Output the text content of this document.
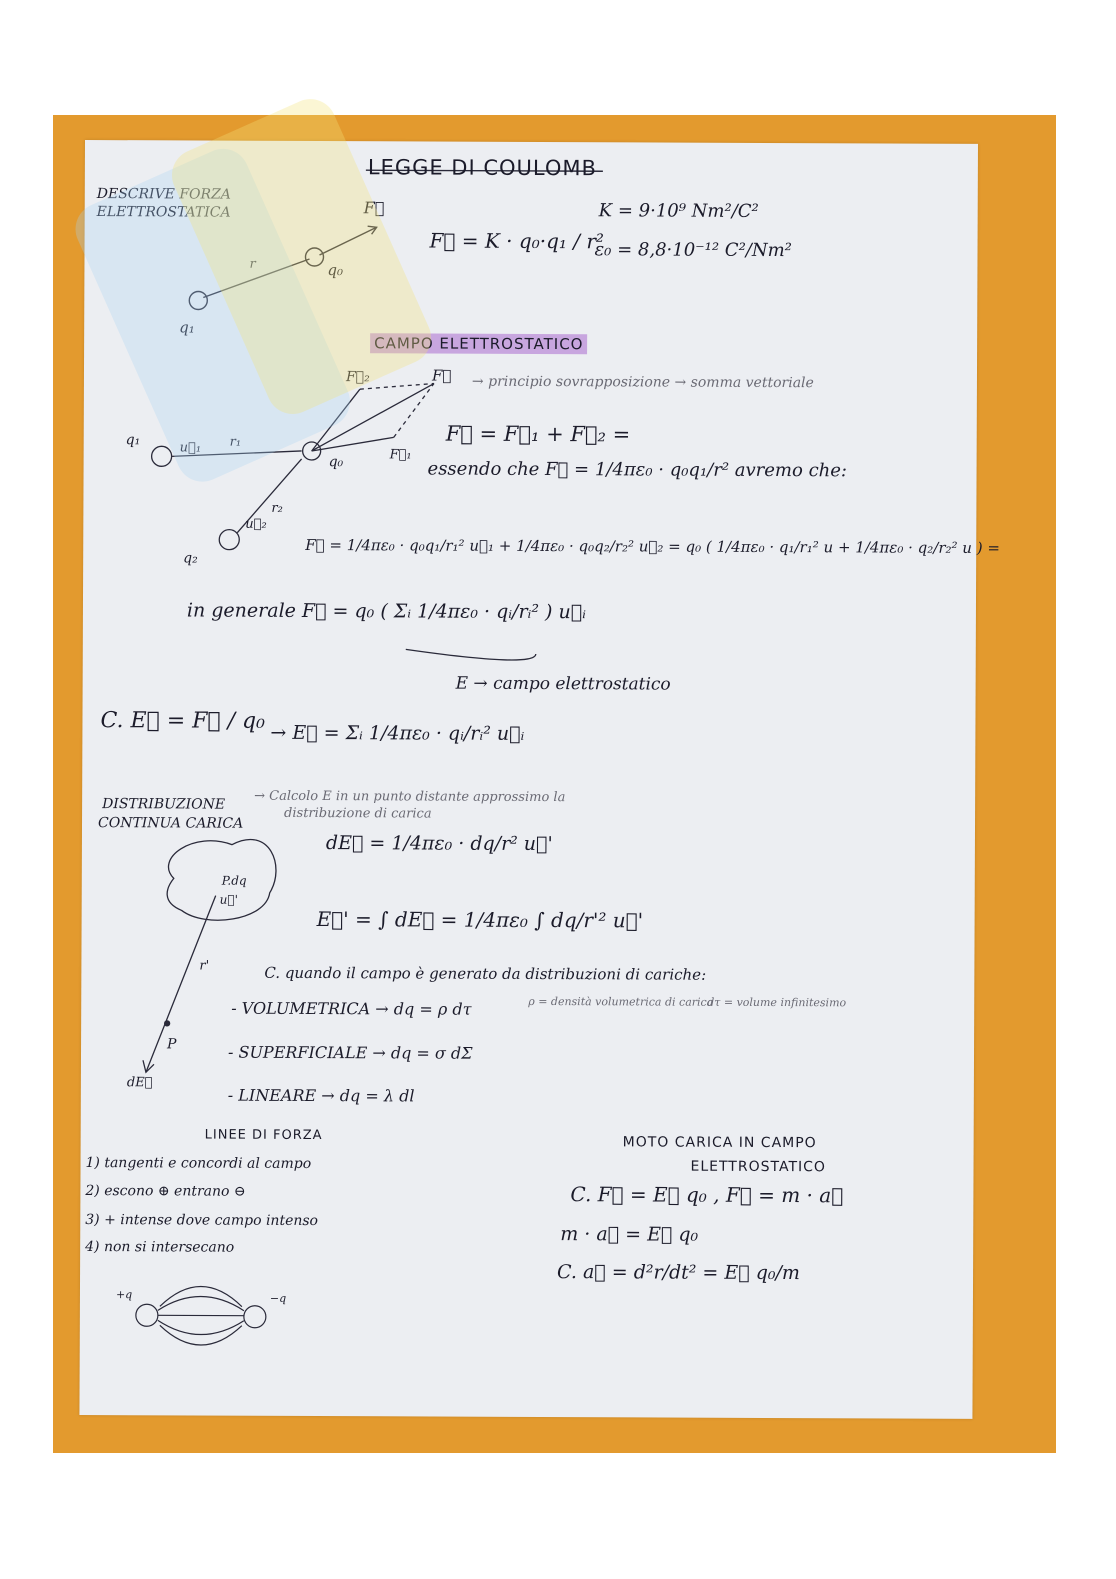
LEGGE DI COULOMB
DESCRIVE FORZA
ELETTROSTATICA	F⃗
r
q₁
q₀
F⃗ = K · q₀·q₁ / r²
K = 9·10⁹ Nm²/C²
ε₀ = 8,8·10⁻¹² C²/Nm²
CAMPO ELETTROSTATICO
F⃗₂	F⃗
F⃗₁
→ principio sovrapposizione → somma vettoriale
F⃗ = F⃗₁ + F⃗₂ =
essendo che F⃗ = 1/4πε₀ · q₀q₁/r² avremo che:
q₁
q₀
q₂
r₁
r₂
u⃗₁
u⃗₂
F⃗ = 1/4πε₀ · q₀q₁/r₁² u⃗₁ + 1/4πε₀ · q₀q₂/r₂² u⃗₂ = q₀ ( 1/4πε₀ · q₁/r₁² u + 1/4πε₀ · q₂/r₂² u ) =
in generale F⃗ = q₀ ( Σᵢ 1/4πε₀ · qᵢ/rᵢ² ) u⃗ᵢ
E → campo elettrostatico
C. E⃗ = F⃗ / q₀ → E⃗ = Σᵢ 1/4πε₀ · qᵢ/rᵢ² u⃗ᵢ
DISTRIBUZIONE
CONTINUA CARICA
→ Calcolo E in un punto distante approssimo la
distribuzione di carica
dE⃗ = 1/4πε₀ · dq/r² u⃗'
E⃗' = ∫ dE⃗ = 1/4πε₀ ∫ dq/r'² u⃗'
P.dq
u⃗'
r'
P
dE⃗
C. quando il campo è generato da distribuzioni di cariche:
- VOLUMETRICA → dq = ρ dτ	ρ = densità volumetrica di carica
dτ = volume infinitesimo
- SUPERFICIALE → dq = σ dΣ
- LINEARE → dq = λ dl
LINEE DI FORZA
1) tangenti e concordi al campo
2) escono ⊕ entrano ⊖
3) + intense dove campo intenso
4) non si intersecano
+q	−q
MOTO CARICA IN CAMPO
ELETTROSTATICO
C. F⃗ = E⃗ q₀ , F⃗ = m · a⃗
m · a⃗ = E⃗ q₀
C. a⃗ = d²r/dt² = E⃗ q₀/m
